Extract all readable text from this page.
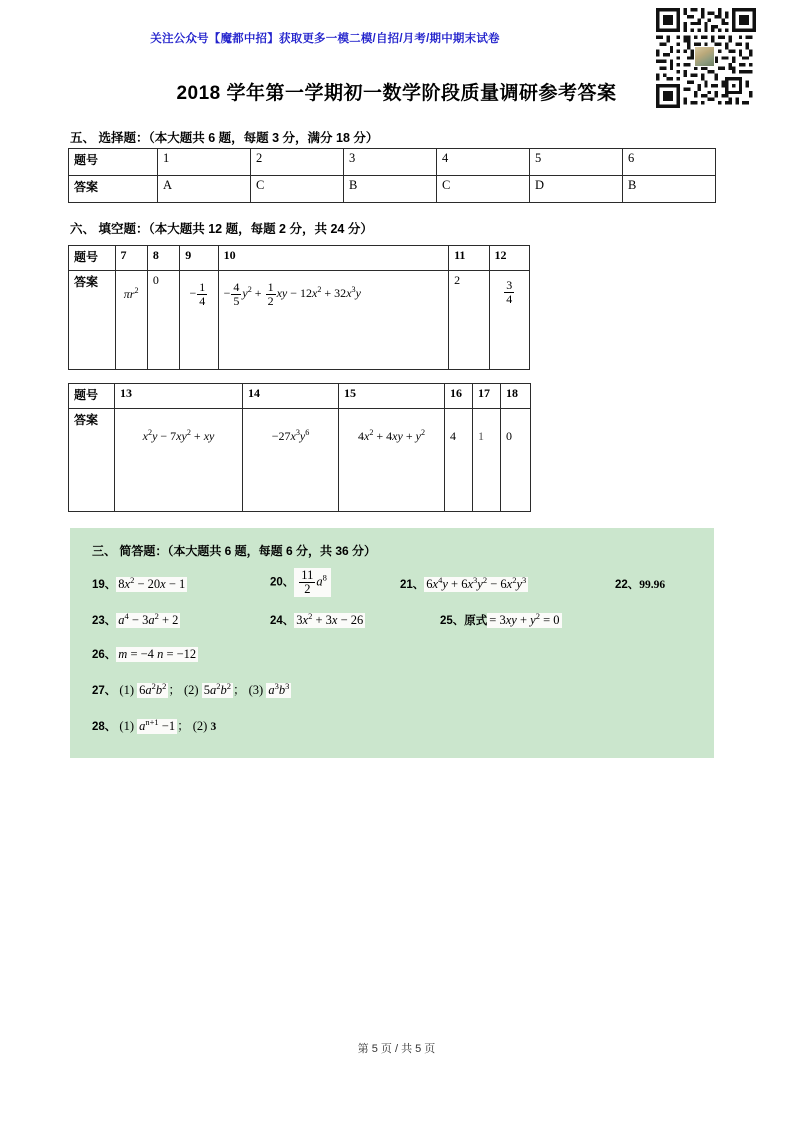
关注公众号【魔都中招】获取更多一模二模/自招/月考/期中期末试卷
2018 学年第一学期初一数学阶段质量调研参考答案
五、 选择题：（本大题共 6 题，每题 3 分，满分 18 分）
题号	1	2	3	4	5	6
答案	A	C	B	C	D	B
六、 填空题：（本大题共 12 题，每题 2 分，共 24 分）
题号	7	8	9	10	11	12
答案	$\pi r^2$	0	− $\frac{1}{4}$	− $\frac{4}{5} y^2 + \frac{1}{2}$ xy − $12x^2 + 32x^3y$	2	$\frac{3}{4}$
题号	13	14	15	16	17	18
答案	$x^2y - 7xy^2$ + xy	$-27x^3y^6$	$4x^2 + 4xy + y^2$	4	1	0
三、 简答题：（本大题共 6 题，每题 6 分，共 36 分）
19、 $8x^2 - 20x - 1$	20、 $\frac{11}{2} a^8$
21、 $6x^4y + 6x^3y^2 - 6x^2y^3$	22、99.96
23、 $a^4 - 3a^2 + 2$	24、 $3x^2 + 3x - 26$	25、原式 = $3xy + y^2 = 0$
26、 m = −4 n = −12
27、 (1) $6a^2b^2$ ； (2) $5a^2b^2$ ； (3) $a^3b^3$
28、 (1) $a^{n+1} -1$ ； (2) 3
第 5 页 / 共 5 页
